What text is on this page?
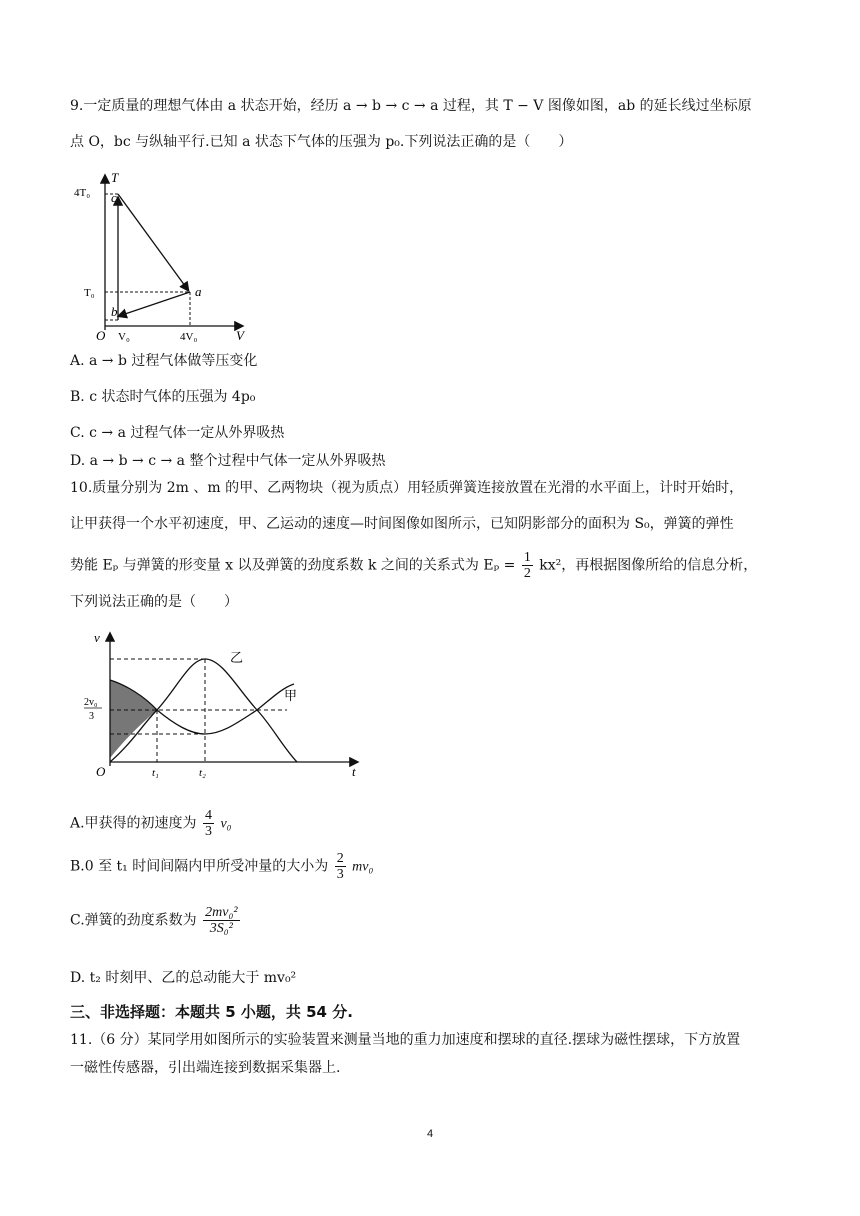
9.一定质量的理想气体由 a 状态开始，经历 a → b → c → a 过程，其 T − V 图像如图，ab 的延长线过坐标原
点 O，bc 与纵轴平行.已知 a 状态下气体的压强为 p₀.下列说法正确的是（　　）
T
4T₀ c
T₀	a
b
O V₀	4V₀	V
A. a → b 过程气体做等压变化
B. c 状态时气体的压强为 4p₀
C. c → a 过程气体一定从外界吸热
D. a → b → c → a 整个过程中气体一定从外界吸热
10.质量分别为 2m 、m 的甲、乙两物块（视为质点）用轻质弹簧连接放置在光滑的水平面上，计时开始时，
让甲获得一个水平初速度，甲、乙运动的速度—时间图像如图所示，已知阴影部分的面积为 S₀，弹簧的弹性
势能 Eₚ 与弹簧的形变量 x 以及弹簧的劲度系数 k 之间的关系式为 $E_p = \frac{1}{2} kx^2$，再根据图像所给的信息分析，
下列说法正确的是（　　）
v
乙
甲
2v₀
3
O	t₁	t₂	t
A.甲获得的初速度为 $\frac{4}{3} v_0$
B.0 至 t₁ 时间间隔内甲所受冲量的大小为 $\frac{2}{3} mv_0$
C.弹簧的劲度系数为 $\frac{\text{2mv₀²}}{\text{3S₀²}}$
D. t₂ 时刻甲、乙的总动能大于 mv₀²
三、非选择题：本题共 5 小题，共 54 分.
11.（6 分）某同学用如图所示的实验装置来测量当地的重力加速度和摆球的直径.摆球为磁性摆球，下方放置
一磁性传感器，引出端连接到数据采集器上.
4
